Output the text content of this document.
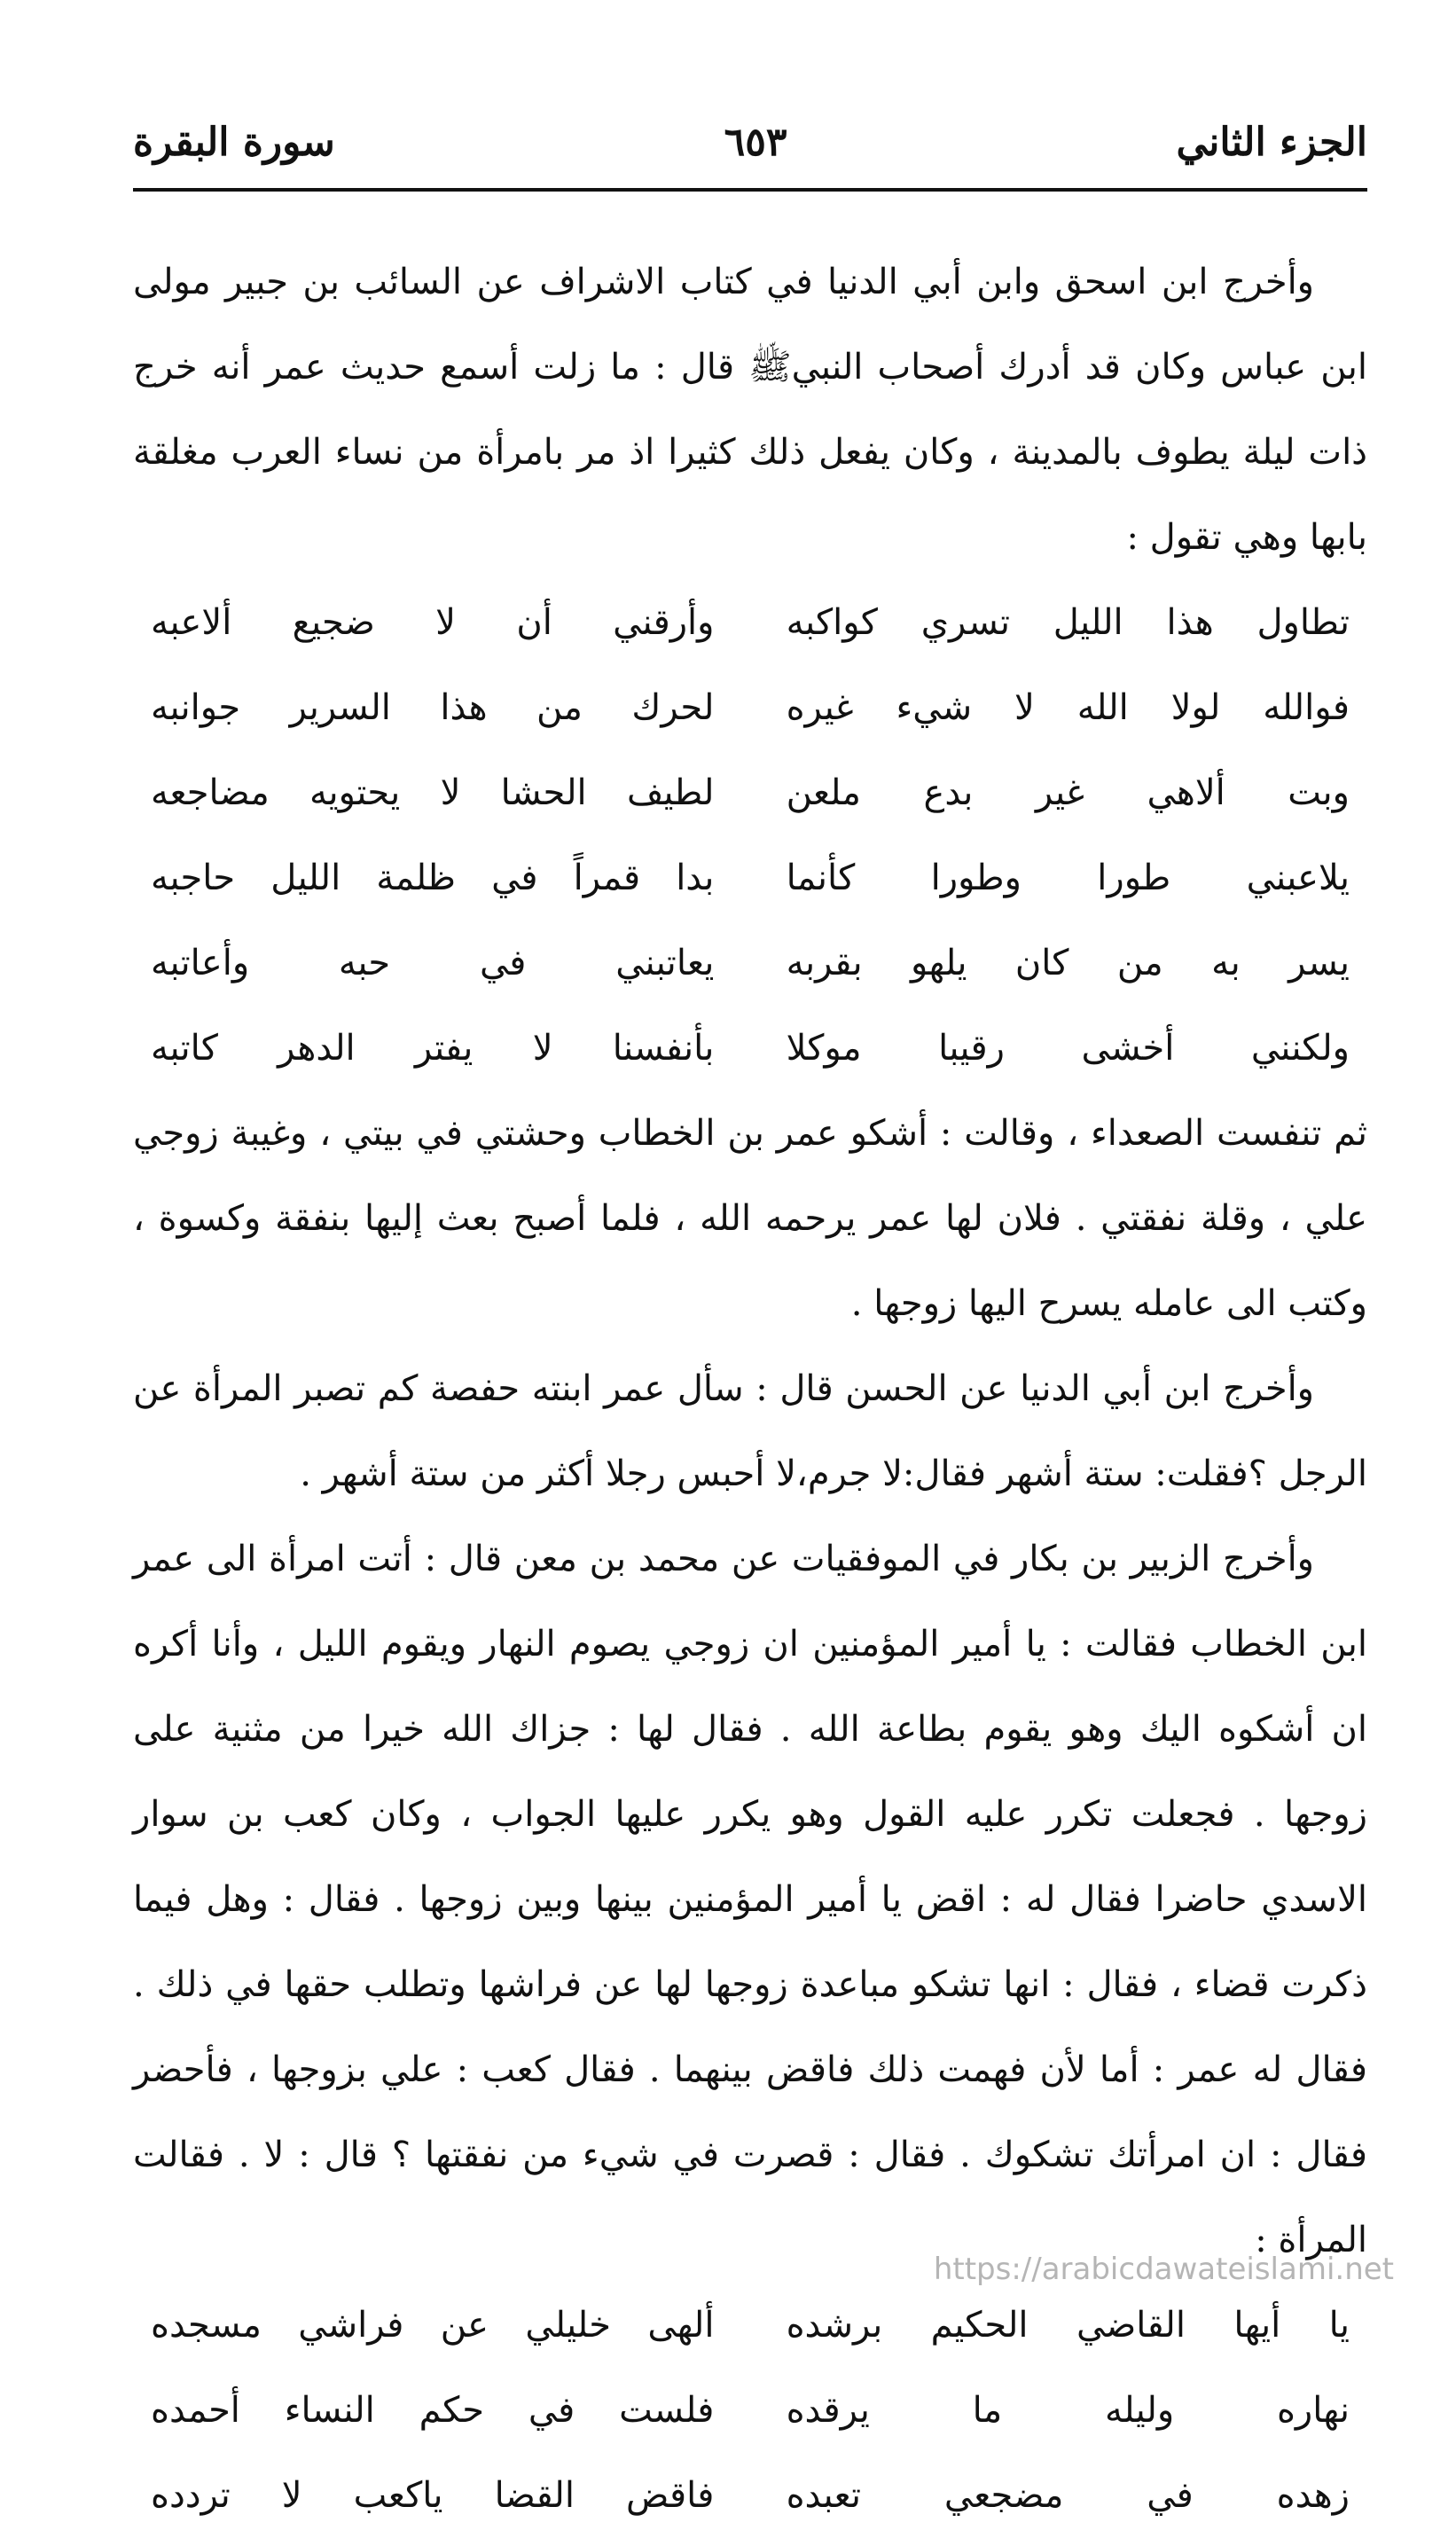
الجزء الثاني
٦٥٣
سورة البقرة

وأخرج ابن اسحق وابن أبي الدنيا في كتاب الاشراف عن السائب بن جبير مولى ابن عباس وكان قد أدرك أصحاب النبيﷺ قال : ما زلت أسمع حديث عمر أنه خرج ذات ليلة يطوف بالمدينة ، وكان يفعل ذلك كثيرا اذ مر بامرأة من نساء العرب مغلقة بابها وهي تقول :

تطاول هذا الليل تسري كواكبه
وأرقني أن لا ضجيع ألاعبه
فوالله لولا الله لا شيء غيره
لحرك من هذا السرير جوانبه
وبت ألاهي غير بدع ملعن
لطيف الحشا لا يحتويه مضاجعه
يلاعبني طورا وطورا كأنما
بدا قمراً في ظلمة الليل حاجبه
يسر به من كان يلهو بقربه
يعاتبني في حبه وأعاتبه
ولكنني أخشى رقيبا موكلا
بأنفسنا لا يفتر الدهر كاتبه

ثم تنفست الصعداء ، وقالت : أشكو عمر بن الخطاب وحشتي في بيتي ، وغيبة زوجي علي ، وقلة نفقتي . فلان لها عمر يرحمه الله ، فلما أصبح بعث إليها بنفقة وكسوة ، وكتب الى عامله يسرح اليها زوجها .

وأخرج ابن أبي الدنيا عن الحسن قال : سأل عمر ابنته حفصة كم تصبر المرأة عن الرجل ؟فقلت: ستة أشهر فقال:لا جرم،لا أحبس رجلا أكثر من ستة أشهر .

وأخرج الزبير بن بكار في الموفقيات عن محمد بن معن قال : أتت امرأة الى عمر ابن الخطاب فقالت : يا أمير المؤمنين ان زوجي يصوم النهار ويقوم الليل ، وأنا أكره ان أشكوه اليك وهو يقوم بطاعة الله . فقال لها : جزاك الله خيرا من مثنية على زوجها . فجعلت تكرر عليه القول وهو يكرر عليها الجواب ، وكان كعب بن سوار الاسدي حاضرا فقال له : اقض يا أمير المؤمنين بينها وبين زوجها . فقال : وهل فيما ذكرت قضاء ، فقال : انها تشكو مباعدة زوجها لها عن فراشها وتطلب حقها في ذلك . فقال له عمر : أما لأن فهمت ذلك فاقض بينهما . فقال كعب : علي بزوجها ، فأحضر فقال : ان امرأتك تشكوك . فقال : قصرت في شيء من نفقتها ؟ قال : لا . فقالت المرأة :

يا أيها القاضي الحكيم برشده
ألهى خليلي عن فراشي مسجده
نهاره وليله ما يرقده
فلست في حكم النساء أحمده
زهده في مضجعي تعبده
فاقض القضا ياكعب لا تردده
https://arabicdawateislami.net
